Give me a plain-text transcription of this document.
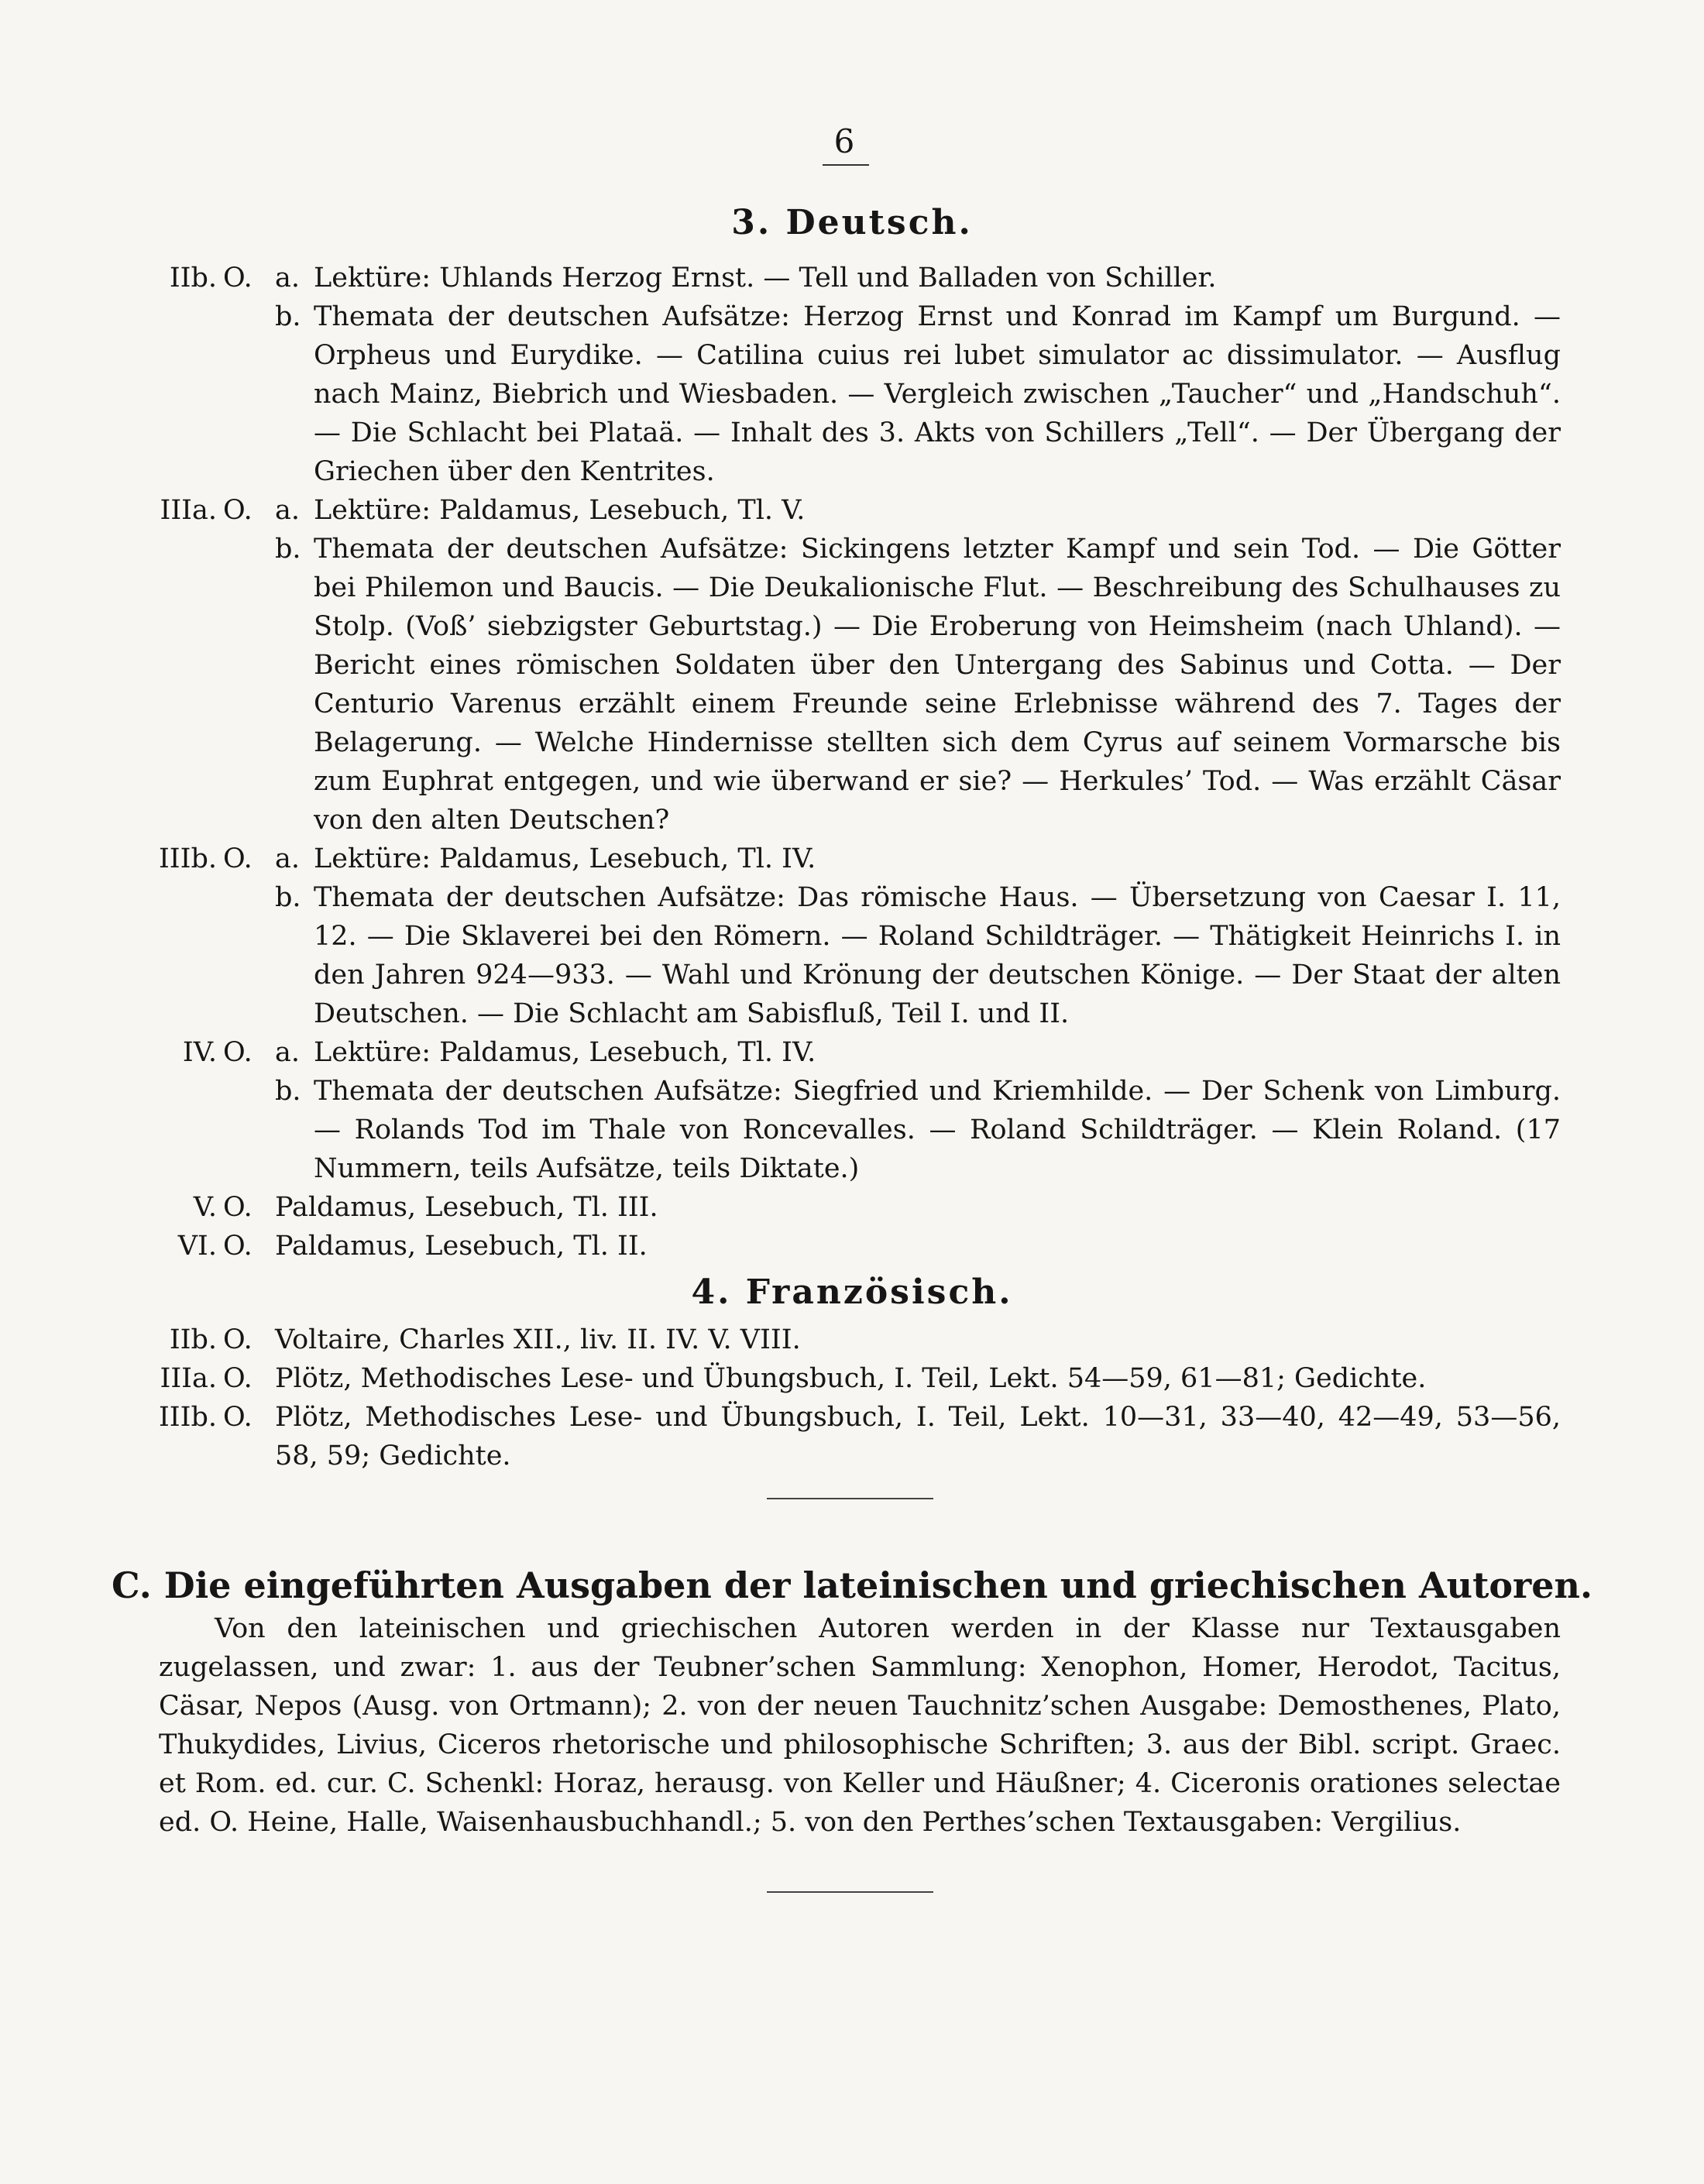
6
3. Deutsch.
IIb. O. a. Lektüre: Uhlands Herzog Ernst. — Tell und Balladen von Schiller.
b. Themata der deutschen Aufsätze: Herzog Ernst und Konrad im Kampf um Burgund. — Orpheus und Eurydike. — Catilina cuius rei lubet simulator ac dissimulator. — Ausflug nach Mainz, Biebrich und Wiesbaden. — Vergleich zwischen „Taucher“ und „Handschuh“. — Die Schlacht bei Plataä. — Inhalt des 3. Akts von Schillers „Tell“. — Der Übergang der Griechen über den Kentrites.
IIIa. O. a. Lektüre: Paldamus, Lesebuch, Tl. V.
b. Themata der deutschen Aufsätze: Sickingens letzter Kampf und sein Tod. — Die Götter bei Philemon und Baucis. — Die Deukalionische Flut. — Beschreibung des Schulhauses zu Stolp. (Voß’ siebzigster Geburtstag.) — Die Eroberung von Heimsheim (nach Uhland). — Bericht eines römischen Soldaten über den Untergang des Sabinus und Cotta. — Der Centurio Varenus erzählt einem Freunde seine Erlebnisse während des 7. Tages der Belagerung. — Welche Hindernisse stellten sich dem Cyrus auf seinem Vormarsche bis zum Euphrat entgegen, und wie überwand er sie? — Herkules’ Tod. — Was erzählt Cäsar von den alten Deutschen?
IIIb. O. a. Lektüre: Paldamus, Lesebuch, Tl. IV.
b. Themata der deutschen Aufsätze: Das römische Haus. — Übersetzung von Caesar I. 11, 12. — Die Sklaverei bei den Römern. — Roland Schildträger. — Thätigkeit Heinrichs I. in den Jahren 924—933. — Wahl und Krönung der deutschen Könige. — Der Staat der alten Deutschen. — Die Schlacht am Sabisfluß, Teil I. und II.
IV. O. a. Lektüre: Paldamus, Lesebuch, Tl. IV.
b. Themata der deutschen Aufsätze: Siegfried und Kriemhilde. — Der Schenk von Limburg. — Rolands Tod im Thale von Roncevalles. — Roland Schildträger. — Klein Roland. (17 Nummern, teils Aufsätze, teils Diktate.)
V. O. Paldamus, Lesebuch, Tl. III.
VI. O. Paldamus, Lesebuch, Tl. II.
4. Französisch.
IIb. O. Voltaire, Charles XII., liv. II. IV. V. VIII.
IIIa. O. Plötz, Methodisches Lese- und Übungsbuch, I. Teil, Lekt. 54—59, 61—81; Gedichte.
IIIb. O. Plötz, Methodisches Lese- und Übungsbuch, I. Teil, Lekt. 10—31, 33—40, 42—49, 53—56, 58, 59; Gedichte.
C. Die eingeführten Ausgaben der lateinischen und griechischen Autoren.
Von den lateinischen und griechischen Autoren werden in der Klasse nur Textausgaben zugelassen, und zwar: 1. aus der Teubner’schen Sammlung: Xenophon, Homer, Herodot, Tacitus, Cäsar, Nepos (Ausg. von Ortmann); 2. von der neuen Tauchnitz’schen Ausgabe: Demosthenes, Plato, Thukydides, Livius, Ciceros rhetorische und philosophische Schriften; 3. aus der Bibl. script. Graec. et Rom. ed. cur. C. Schenkl: Horaz, herausg. von Keller und Häußner; 4. Ciceronis orationes selectae ed. O. Heine, Halle, Waisenhausbuchhandl.; 5. von den Perthes’schen Textausgaben: Vergilius.
